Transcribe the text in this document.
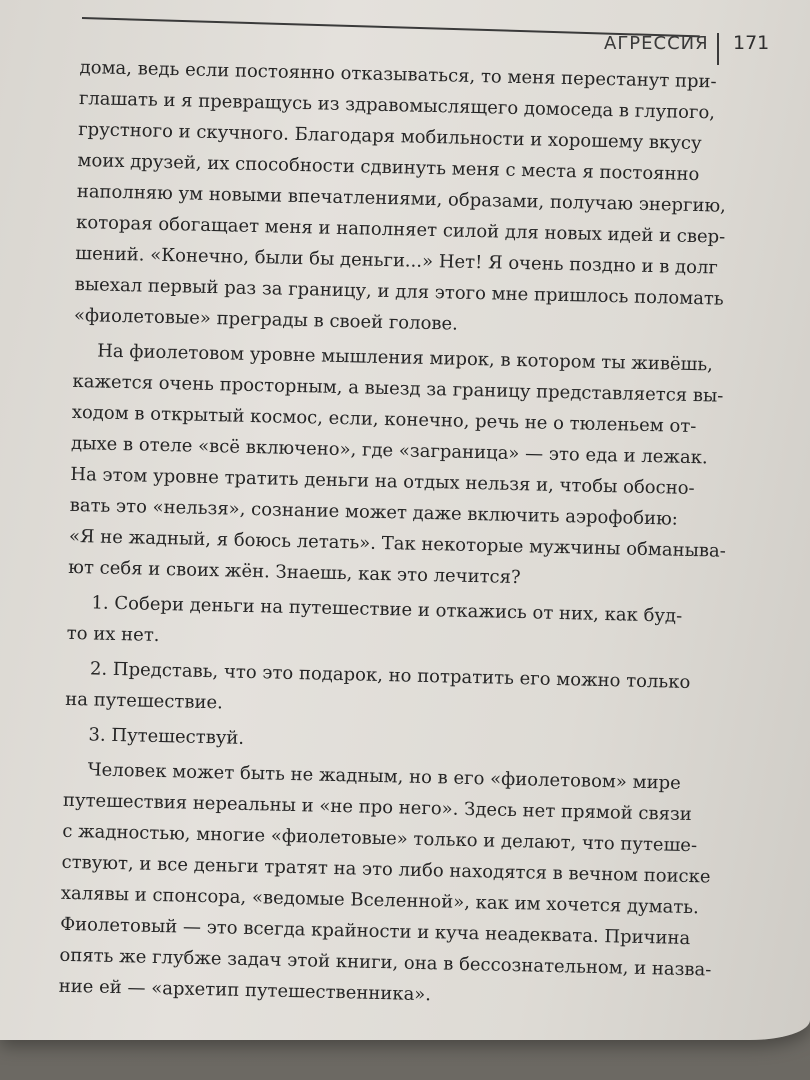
АГРЕССИЯ 171
дома, ведь если постоянно отказываться, то меня перестанут при-
глашать и я превращусь из здравомыслящего домоседа в глупого,
грустного и скучного. Благодаря мобильности и хорошему вкусу
моих друзей, их способности сдвинуть меня с места я постоянно
наполняю ум новыми впечатлениями, образами, получаю энергию,
которая обогащает меня и наполняет силой для новых идей и свер-
шений. «Конечно, были бы деньги...» Нет! Я очень поздно и в долг
выехал первый раз за границу, и для этого мне пришлось поломать
«фиолетовые» преграды в своей голове.
На фиолетовом уровне мышления мирок, в котором ты живёшь,
кажется очень просторным, а выезд за границу представляется вы-
ходом в открытый космос, если, конечно, речь не о тюленьем от-
дыхе в отеле «всё включено», где «заграница» — это еда и лежак.
На этом уровне тратить деньги на отдых нельзя и, чтобы обосно-
вать это «нельзя», сознание может даже включить аэрофобию:
«Я не жадный, я боюсь летать». Так некоторые мужчины обманыва-
ют себя и своих жён. Знаешь, как это лечится?
1. Собери деньги на путешествие и откажись от них, как буд-
то их нет.
2. Представь, что это подарок, но потратить его можно только
на путешествие.
3. Путешествуй.
Человек может быть не жадным, но в его «фиолетовом» мире
путешествия нереальны и «не про него». Здесь нет прямой связи
с жадностью, многие «фиолетовые» только и делают, что путеше-
ствуют, и все деньги тратят на это либо находятся в вечном поиске
халявы и спонсора, «ведомые Вселенной», как им хочется думать.
Фиолетовый — это всегда крайности и куча неадеквата. Причина
опять же глубже задач этой книги, она в бессознательном, и назва-
ние ей — «архетип путешественника».
